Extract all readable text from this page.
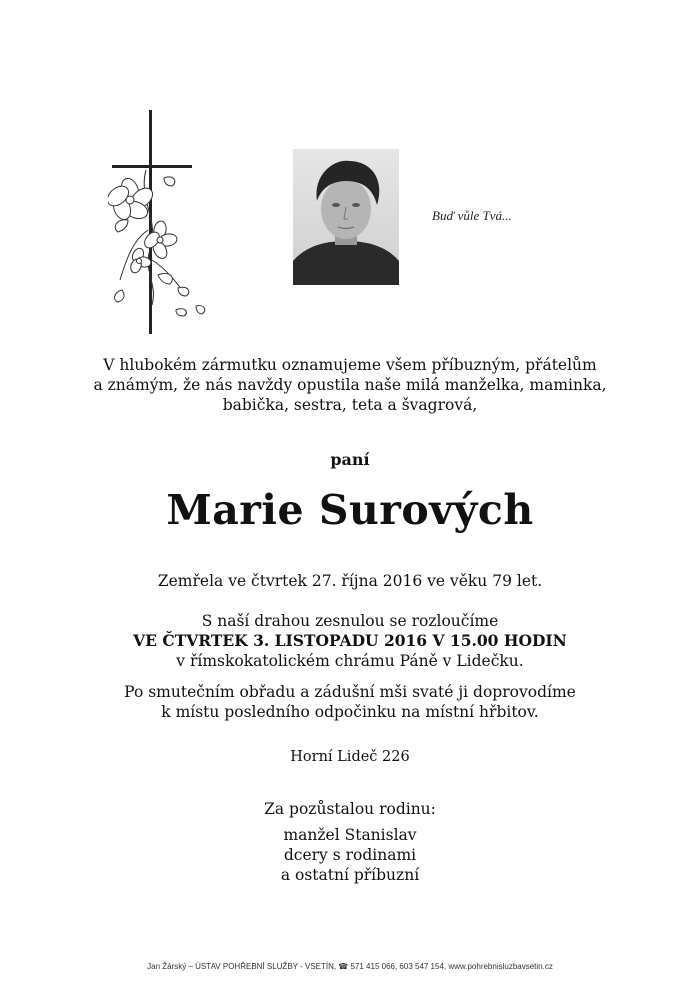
Buď vůle Tvá...
V hlubokém zármutku oznamujeme všem příbuzným, přátelům
a známým, že nás navždy opustila naše milá manželka, maminka,
babička, sestra, teta a švagrová,
paní
Marie Surových
Zemřela ve čtvrtek 27. října 2016 ve věku 79 let.
S naší drahou zesnulou se rozloučíme
VE ČTVRTEK 3. LISTOPADU 2016 V 15.00 HODIN
v římskokatolickém chrámu Páně v Lidečku.
Po smutečním obřadu a zádušní mši svaté ji doprovodíme
k místu posledního odpočinku na místní hřbitov.
Horní Lideč 226
Za pozůstalou rodinu:
manžel Stanislav
dcery s rodinami
a ostatní příbuzní
Jan Žárský – ÚSTAV POHŘEBNÍ SLUŽBY - VSETÍN, ☎ 571 415 066, 603 547 154, www.pohrebnisluzbavsetin.cz
